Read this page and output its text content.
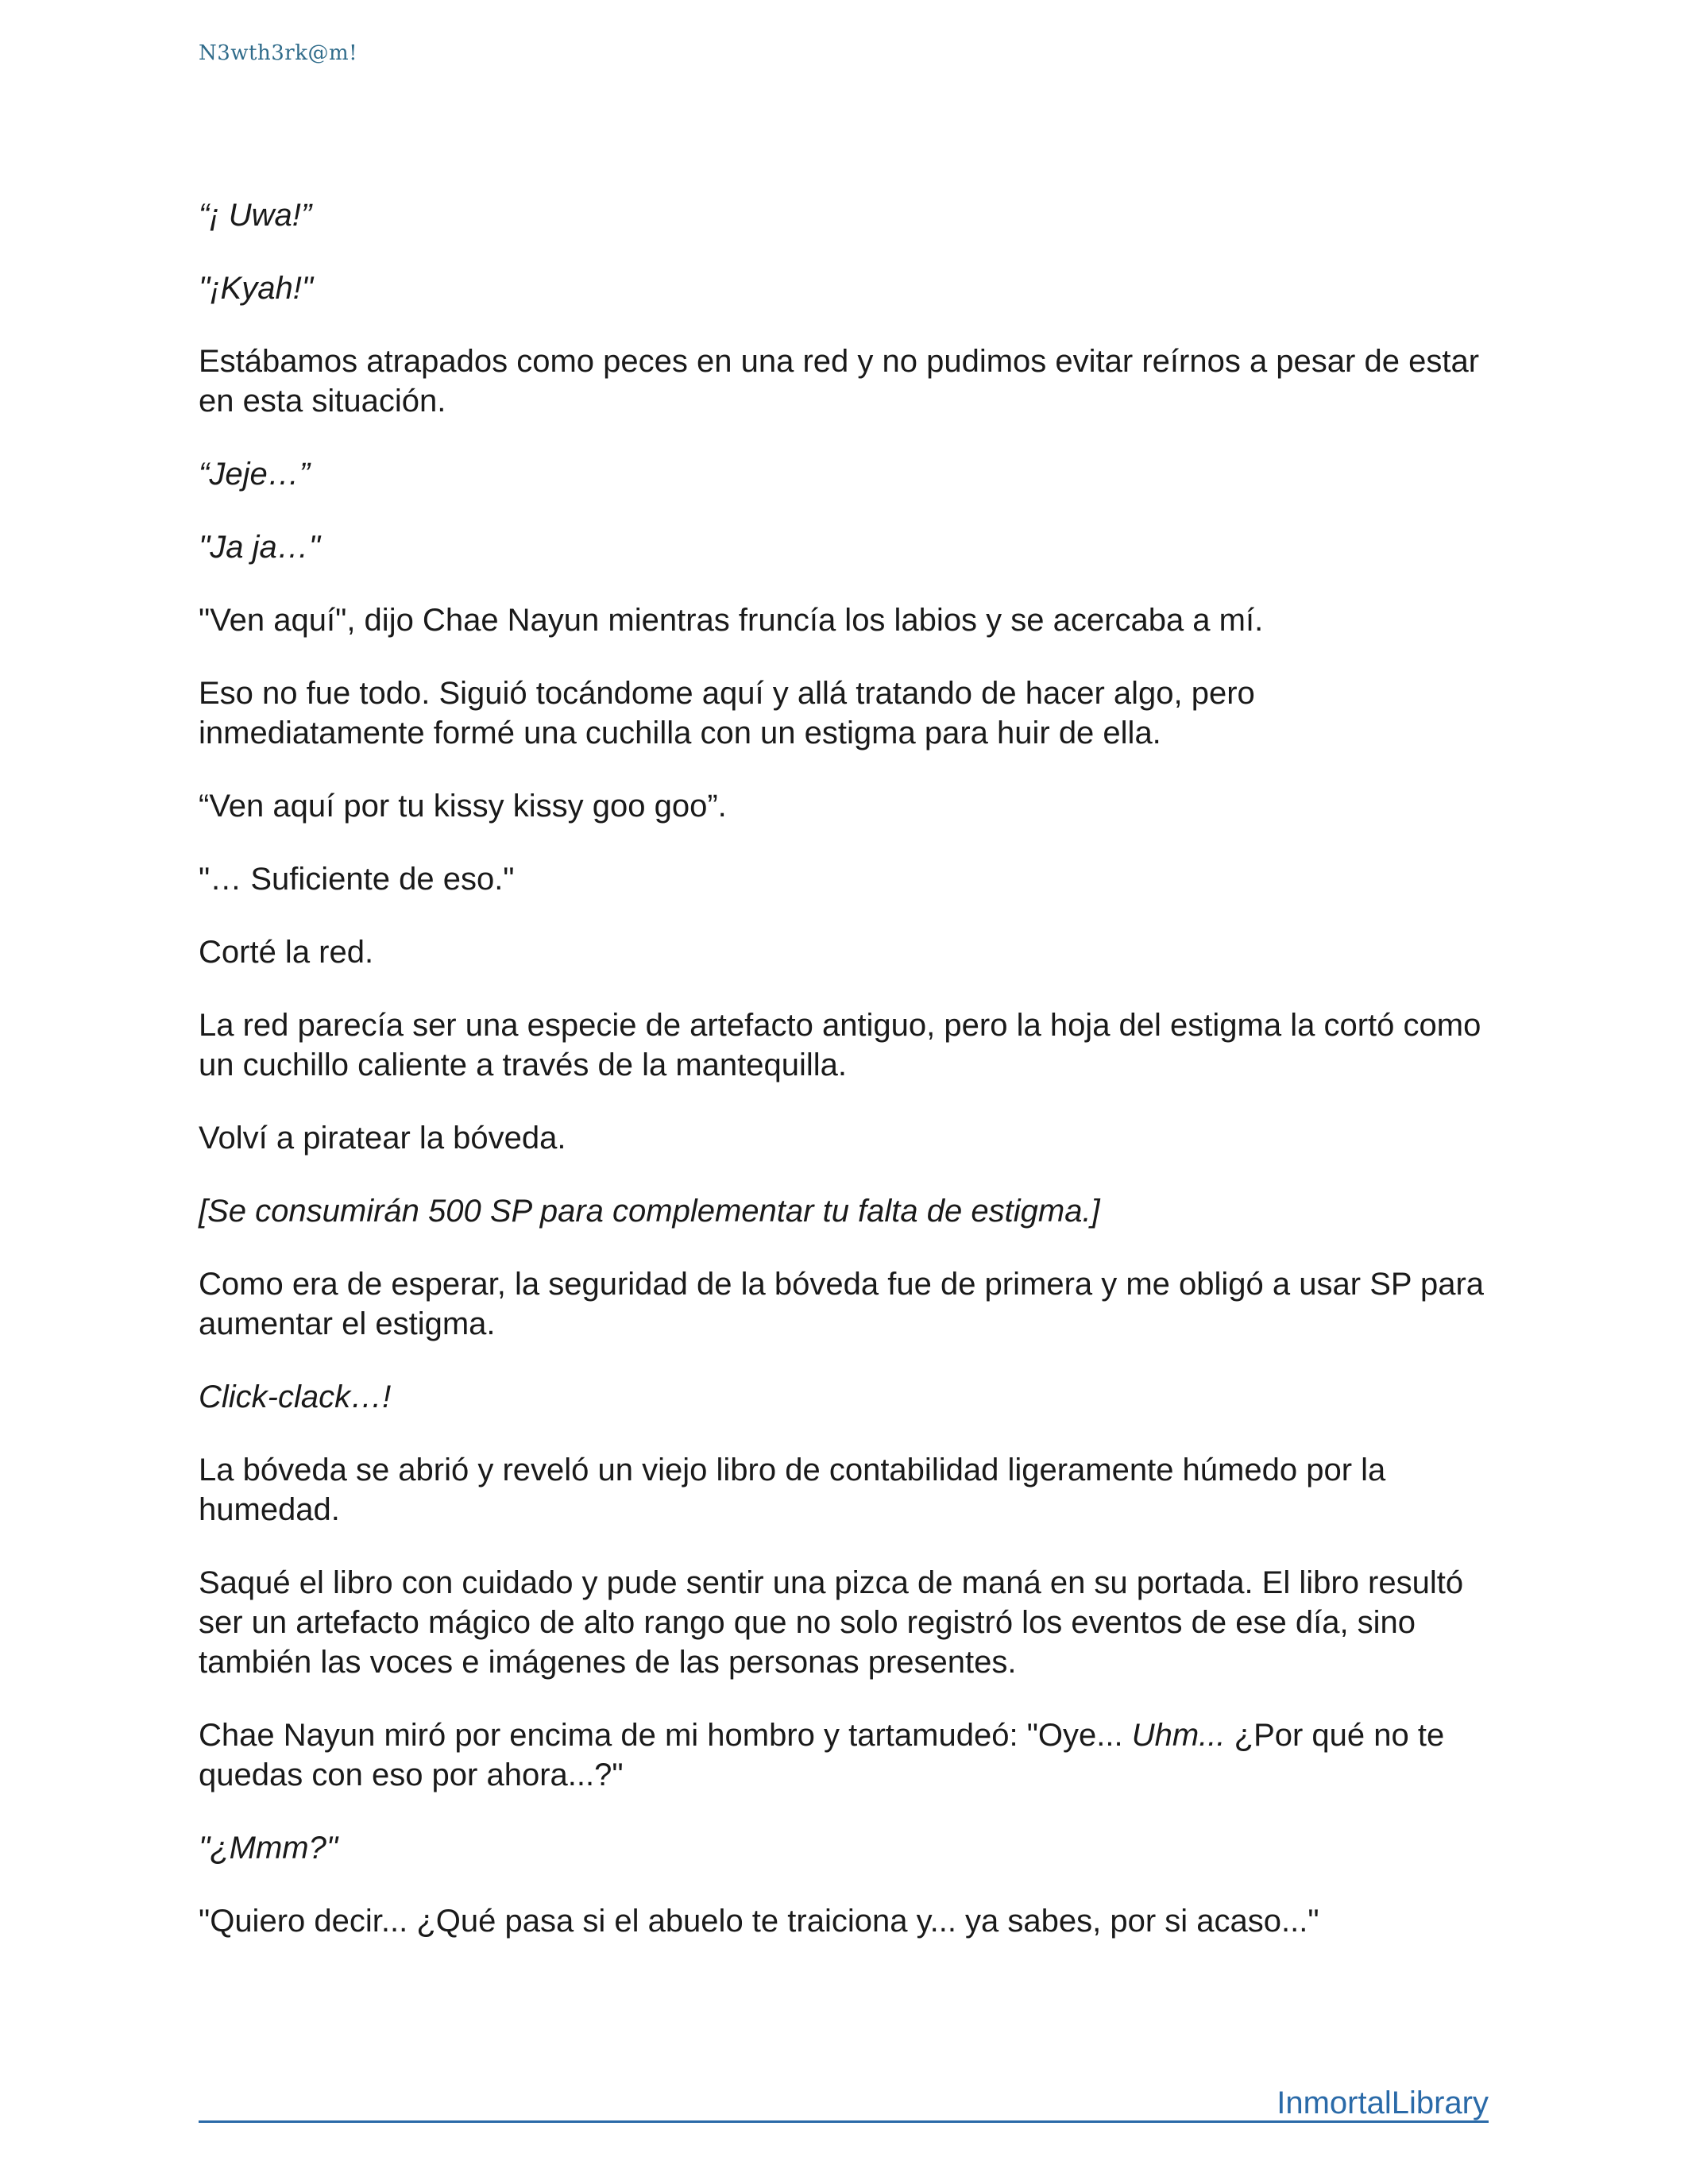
N3wth3rk@m!

“¡ Uwa!”

"¡Kyah!"

Estábamos atrapados como peces en una red y no pudimos evitar reírnos a pesar de estar en esta situación.

“Jeje…”

"Ja ja…"

"Ven aquí", dijo Chae Nayun mientras fruncía los labios y se acercaba a mí.

Eso no fue todo. Siguió tocándome aquí y allá tratando de hacer algo, pero inmediatamente formé una cuchilla con un estigma para huir de ella.

“Ven aquí por tu kissy kissy goo goo”.

"… Suficiente de eso."

Corté la red.

La red parecía ser una especie de artefacto antiguo, pero la hoja del estigma la cortó como un cuchillo caliente a través de la mantequilla.

Volví a piratear la bóveda.

[Se consumirán 500 SP para complementar tu falta de estigma.]

Como era de esperar, la seguridad de la bóveda fue de primera y me obligó a usar SP para aumentar el estigma.

Click-clack…!

La bóveda se abrió y reveló un viejo libro de contabilidad ligeramente húmedo por la humedad.

Saqué el libro con cuidado y pude sentir una pizca de maná en su portada. El libro resultó ser un artefacto mágico de alto rango que no solo registró los eventos de ese día, sino también las voces e imágenes de las personas presentes.

Chae Nayun miró por encima de mi hombro y tartamudeó: "Oye... Uhm... ¿Por qué no te quedas con eso por ahora...?"

"¿Mmm?"

"Quiero decir... ¿Qué pasa si el abuelo te traiciona y... ya sabes, por si acaso..."

InmortalLibrary
